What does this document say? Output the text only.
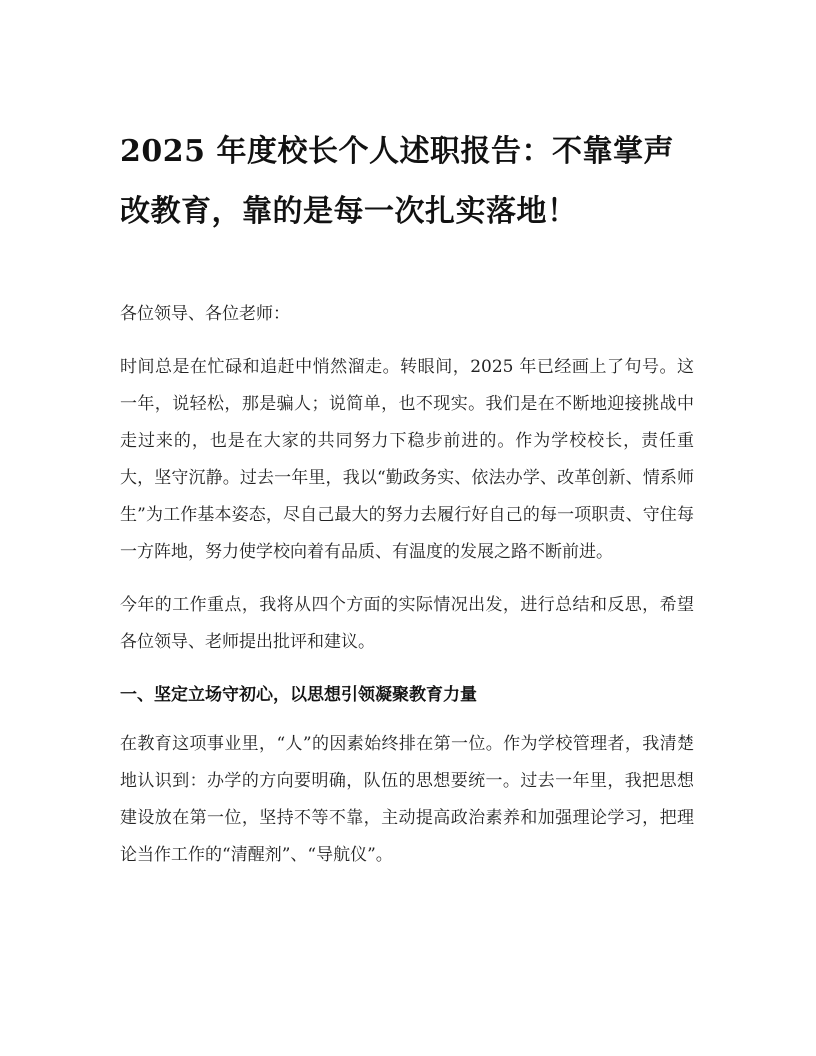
2025 年度校长个人述职报告：不靠掌声改教育，靠的是每一次扎实落地！

各位领导、各位老师：

时间总是在忙碌和追赶中悄然溜走。转眼间，2025 年已经画上了句号。这一年，说轻松，那是骗人；说简单，也不现实。我们是在不断地迎接挑战中走过来的，也是在大家的共同努力下稳步前进的。作为学校校长，责任重大，坚守沉静。过去一年里，我以“勤政务实、依法办学、改革创新、情系师生”为工作基本姿态，尽自己最大的努力去履行好自己的每一项职责、守住每一方阵地，努力使学校向着有品质、有温度的发展之路不断前进。

今年的工作重点，我将从四个方面的实际情况出发，进行总结和反思，希望各位领导、老师提出批评和建议。

一、坚定立场守初心，以思想引领凝聚教育力量

在教育这项事业里，“人”的因素始终排在第一位。作为学校管理者，我清楚地认识到：办学的方向要明确，队伍的思想要统一。过去一年里，我把思想建设放在第一位，坚持不等不靠，主动提高政治素养和加强理论学习，把理论当作工作的“清醒剂”、“导航仪”。
